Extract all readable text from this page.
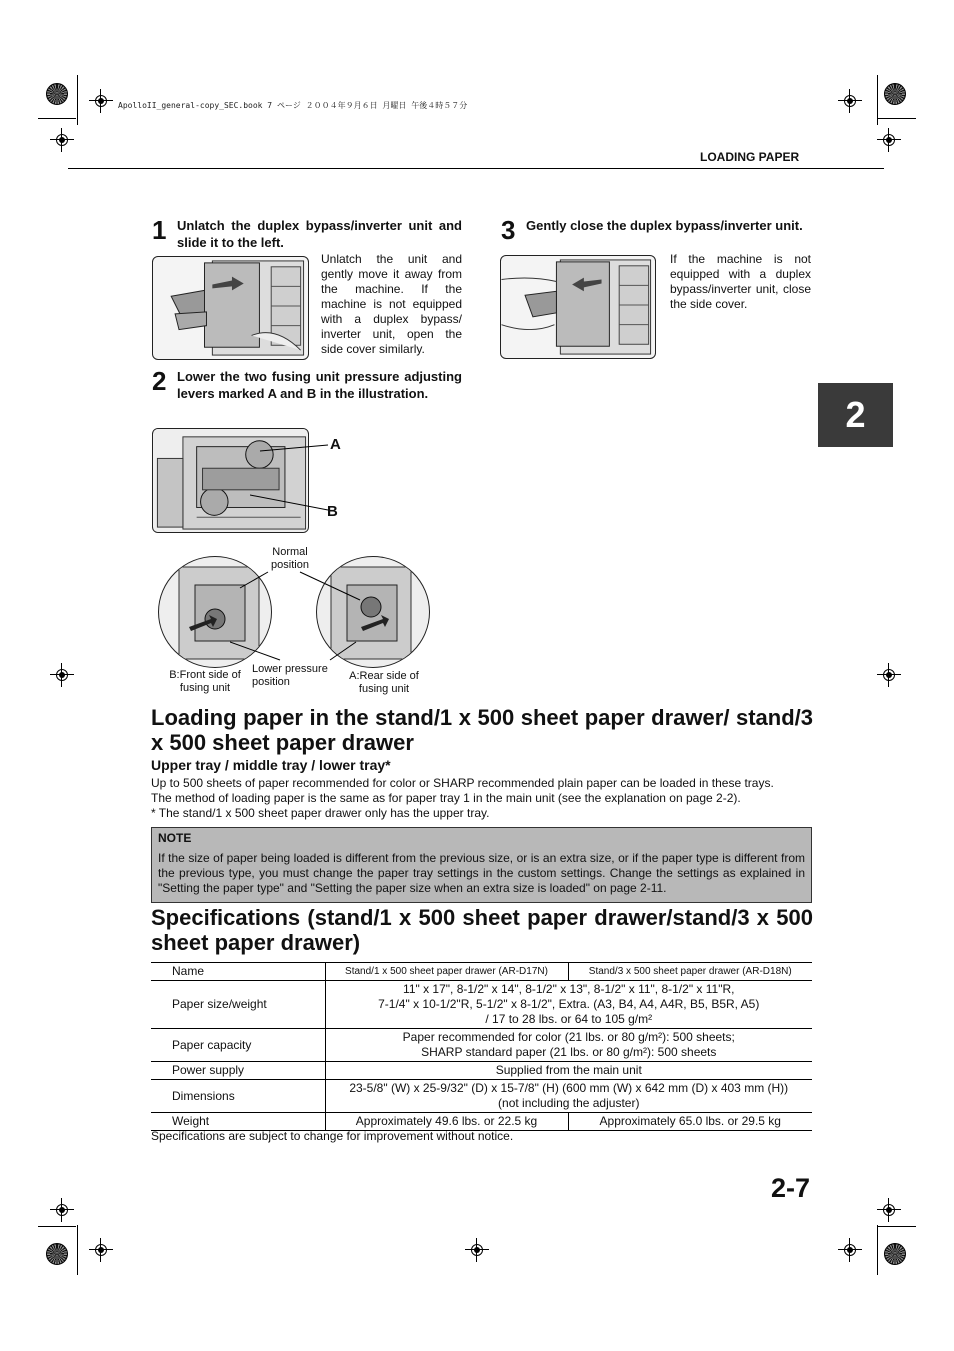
ApolloII_general-copy_SEC.book 7 ページ ２００４年９月６日 月曜日 午後４時５７分
LOADING PAPER
2
1 Unlatch the duplex bypass/inverter unit and slide it to the left.
Unlatch the unit and gently move it away from the machine. If the machine is not equipped with a duplex bypass/ inverter unit, open the side cover similarly.
2 Lower the two fusing unit pressure adjusting levers marked A and B in the illustration.
A
B
Normal position
Lower pressure position
B:Front side of fusing unit
A:Rear side of fusing unit
3 Gently close the duplex bypass/inverter unit.
If the machine is not equipped with a duplex bypass/inverter unit, close the side cover.
Loading paper in the stand/1 x 500 sheet paper drawer/ stand/3 x 500 sheet paper drawer
Upper tray / middle tray / lower tray*
Up to 500 sheets of paper recommended for color or SHARP recommended plain paper can be loaded in these trays.
The method of loading paper is the same as for paper tray 1 in the main unit (see the explanation on page 2-2).
* The stand/1 x 500 sheet paper drawer only has the upper tray.
NOTE
If the size of paper being loaded is different from the previous size, or is an extra size, or if the paper type is different from the previous type, you must change the paper tray settings in the custom settings. Change the settings as explained in "Setting the paper type" and "Setting the paper size when an extra size is loaded" on page 2-11.
Specifications (stand/1 x 500 sheet paper drawer/stand/3 x 500 sheet paper drawer)
Name	Stand/1 x 500 sheet paper drawer (AR-D17N)	Stand/3 x 500 sheet paper drawer (AR-D18N)
Paper size/weight	11" x 17", 8-1/2" x 14", 8-1/2" x 13", 8-1/2" x 11", 8-1/2" x 11"R,
7-1/4" x 10-1/2"R, 5-1/2" x 8-1/2", Extra. (A3, B4, A4, A4R, B5, B5R, A5)
/ 17 to 28 lbs. or 64 to 105 g/m²	

Paper capacity	Paper recommended for color (21 lbs. or 80 g/m²): 500 sheets;
SHARP standard paper (21 lbs. or 80 g/m²): 500 sheets	

Power supply	Supplied from the main unit	
Dimensions	23-5/8" (W) x 25-9/32" (D) x 15-7/8" (H) (600 mm (W) x 642 mm (D) x 403 mm (H))
(not including the adjuster)	

Weight	Approximately 49.6 lbs. or 22.5 kg	Approximately 65.0 lbs. or 29.5 kg
Specifications are subject to change for improvement without notice.
2-7
